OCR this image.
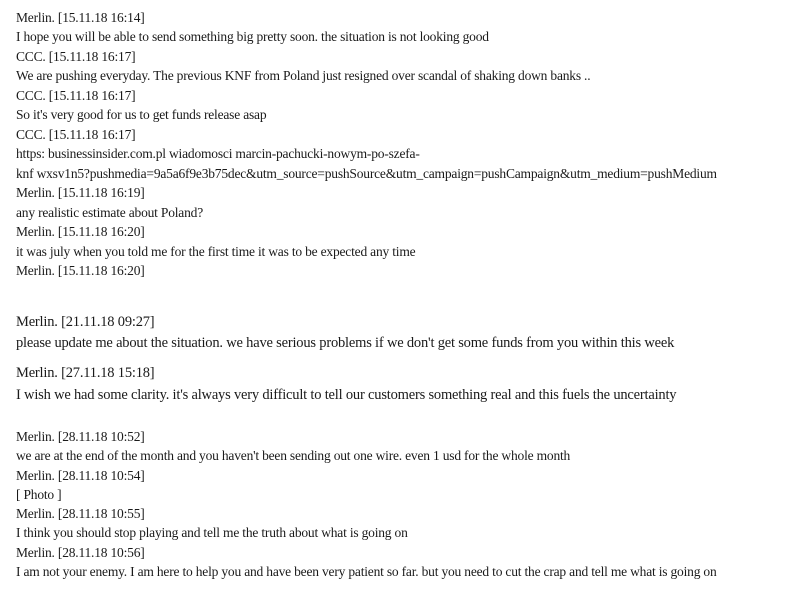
Merlin. [15.11.18 16:14]
I hope you will be able to send something big pretty soon. the situation is not looking good
CCC. [15.11.18 16:17]
We are pushing everyday. The previous KNF from Poland just resigned over scandal of shaking down banks ..
CCC. [15.11.18 16:17]
So it's very good for us to get funds release asap
CCC. [15.11.18 16:17]
https: businessinsider.com.pl wiadomosci marcin-pachucki-nowym-po-szefa-
knf wxsv1n5?pushmedia=9a5a6f9e3b75dec&utm_source=pushSource&utm_campaign=pushCampaign&utm_medium=pushMedium
Merlin. [15.11.18 16:19]
any realistic estimate about Poland?
Merlin. [15.11.18 16:20]
it was july when you told me for the first time it was to be expected any time
Merlin. [15.11.18 16:20]
Merlin. [21.11.18 09:27]
please update me about the situation. we have serious problems if we don't get some funds from you within this week
Merlin. [27.11.18 15:18]
I wish we had some clarity. it's always very difficult to tell our customers something real and this fuels the uncertainty
Merlin. [28.11.18 10:52]
we are at the end of the month and you haven't been sending out one wire. even 1 usd for the whole month
Merlin. [28.11.18 10:54]
[ Photo ]
Merlin. [28.11.18 10:55]
I think you should stop playing and tell me the truth about what is going on
Merlin. [28.11.18 10:56]
I am not your enemy. I am here to help you and have been very patient so far. but you need to cut the crap and tell me what is going on
